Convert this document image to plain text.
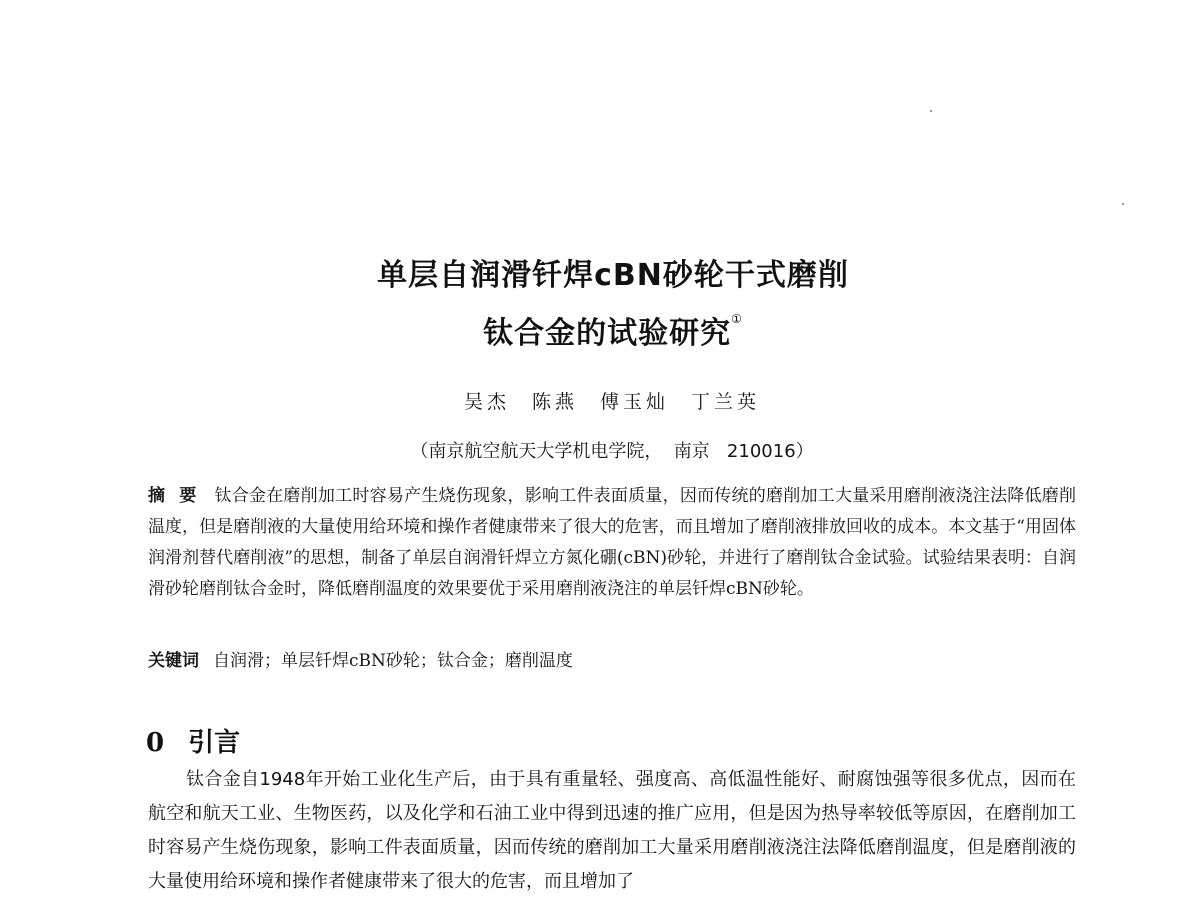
单层自润滑钎焊cBN砂轮干式磨削
钛合金的试验研究①
吴杰 陈燕 傅玉灿 丁兰英
（南京航空航天大学机电学院，  南京   210016）
摘要 钛合金在磨削加工时容易产生烧伤现象，影响工件表面质量，因而传统的磨削加工大量采用磨削液浇注法降低磨削温度，但是磨削液的大量使用给环境和操作者健康带来了很大的危害，而且增加了磨削液排放回收的成本。本文基于“用固体润滑剂替代磨削液”的思想，制备了单层自润滑钎焊立方氮化硼(cBN)砂轮，并进行了磨削钛合金试验。试验结果表明：自润滑砂轮磨削钛合金时，降低磨削温度的效果要优于采用磨削液浇注的单层钎焊cBN砂轮。
关键词 自润滑；单层钎焊cBN砂轮；钛合金；磨削温度
0 引言
钛合金自1948年开始工业化生产后，由于具有重量轻、强度高、高低温性能好、耐腐蚀强等很多优点，因而在航空和航天工业、生物医药，以及化学和石油工业中得到迅速的推广应用，但是因为热导率较低等原因，在磨削加工时容易产生烧伤现象，影响工件表面质量，因而传统的磨削加工大量采用磨削液浇注法降低磨削温度，但是磨削液的大量使用给环境和操作者健康带来了很大的危害，而且增加了
